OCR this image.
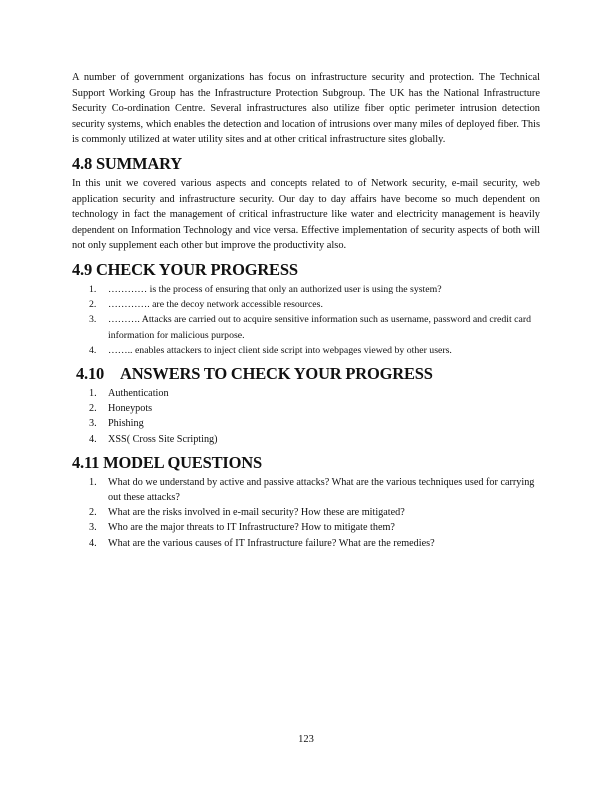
A number of government organizations has focus on infrastructure security and protection. The Technical Support Working Group has the Infrastructure Protection Subgroup. The UK has the National Infrastructure Security Co-ordination Centre. Several infrastructures also utilize fiber optic perimeter intrusion detection security systems, which enables the detection and location of intrusions over many miles of deployed fiber. This is commonly utilized at water utility sites and at other critical infrastructure sites globally.

4.8 SUMMARY

In this unit we covered various aspects and concepts related to of Network security, e-mail security, web application security and infrastructure security. Our day to day affairs have become so much dependent on technology in fact the management of critical infrastructure like water and electricity management is heavily dependent on Information Technology and vice versa. Effective implementation of security aspects of both will not only supplement each other but improve the productivity also.

4.9 CHECK YOUR PROGRESS
1. ………… is the process of ensuring that only an authorized user is using the system?
2. …………. are the decoy network accessible resources.
3. ………. Attacks are carried out to acquire sensitive information such as username, password and credit card information for malicious purpose.
4. …….. enables attackers to inject client side script into webpages viewed by other users.
4.10 ANSWERS TO CHECK YOUR PROGRESS
1. Authentication
2. Honeypots
3. Phishing
4. XSS( Cross Site Scripting)
4.11 MODEL QUESTIONS
1. What do we understand by active and passive attacks? What are the various techniques used for carrying out these attacks?
2. What are the risks involved in e-mail security? How these are mitigated?
3. Who are the major threats to IT Infrastructure? How to mitigate them?
4. What are the various causes of IT Infrastructure failure? What are the remedies?
123
